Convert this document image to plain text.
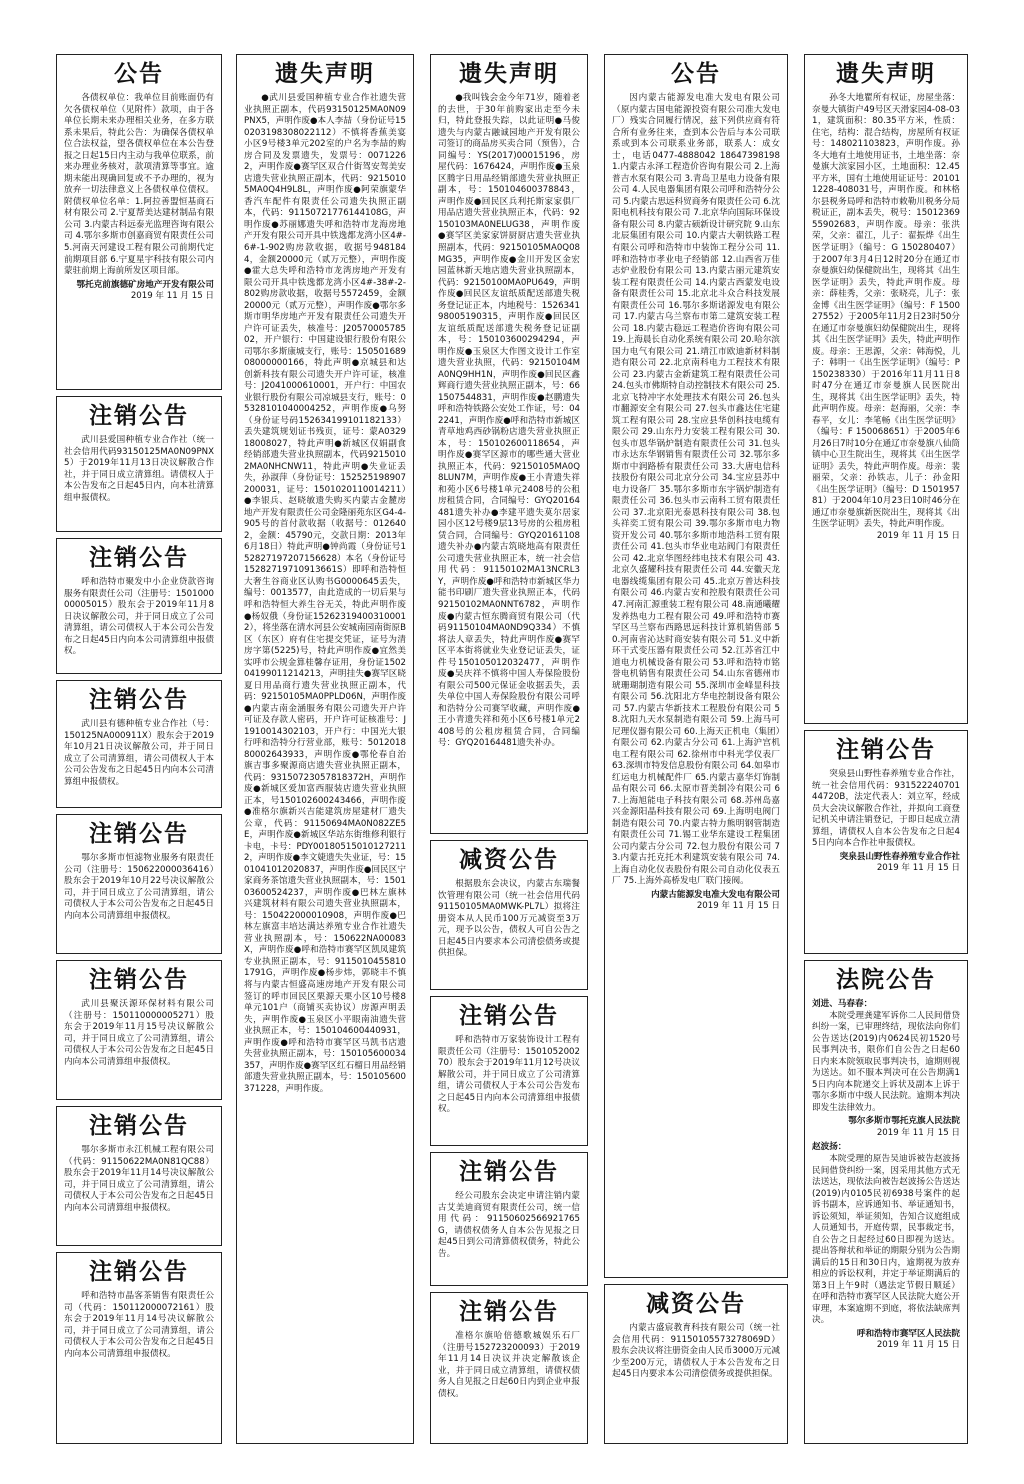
公告

各债权单位：我单位目前账面仍有欠各债权单位（见附件）款项，由于各单位长期未来办理相关业务，在多方联系未果后，特此公告：为确保各债权单位合法权益，望各债权单位在本公告登报之日起15日内主动与我单位联系，前来办理业务核对，款项清算等事宜。逾期未能出现确回复或不予办理的，视为放弃一切法律意义上各债权单位债权。附债权单位名单：1.阿拉善盟恒基商石材有限公司 2.宁夏帮美达建材制品有限公司 3.内蒙古科远泰光监理咨询有限公司 4.鄂尔多斯市创嘉商贸有限责任公司 5.河南天河建设工程有限公司前期代定前期项目部 6.宁夏星宇科技有限公司内蒙驻前期上海前所发区项目部。

鄂托克前旗德矿房地产开发有限公司

2019 年 11 月 15 日

注销公告

武川县爱国种植专业合作社（统一社会信用代码93150125MA0N09PNX5）于2019年11月13日决议解散合作社，并于同日成立清算组。请债权人于本公告发布之日起45日内，向本社清算组申报债权。

注销公告

呼和浩特市聚发中小企业贷款咨询服务有限责任公司（注册号：150100000005015）股东会于2019年11月8日决议解散公司，并于同日成立了公司清算组，请公司债权人于本公司公告发布之日起45日内向本公司清算组申报债权。

注销公告

武川县有德种植专业合作社（号：150125NA000911X）股东会于2019年10月21日决议解散公司，并于同日成立了公司清算组，请公司债权人于本公司公告发布之日起45日内向本公司清算组申报债权。

注销公告

鄂尔多斯市恒滤物业服务有限责任公司（注册号：150622000036416）股东会于2019年10月22号决议解散公司，并于同日成立了公司清算组，请公司债权人于本公司公告发布之日起45日内向本公司清算组申报债权。

注销公告

武川县聚沃源环保材料有限公司（注册号：150110000005271）股东会于2019年11月15号决议解散公司，并于同日成立了公司清算组，请公司债权人于本公司公告发布之日起45日内向本公司清算组申报债权。

注销公告

鄂尔多斯市永江机械工程有限公司（代码：91150622MA0N81QC88）股东会于2019年11月14号决议解散公司，并于同日成立了公司清算组，请公司债权人于本公司公告发布之日起45日内向本公司清算组申报债权。

注销公告

呼和浩特市晶客茶销售有限责任公司（代码：150112000072161）股东会于2019年11月14号决议解散公司，并于同日成立了公司清算组，请公司债权人于本公司公告发布之日起45日内向本公司清算组申报债权。

遗失声明

●武川县爱国种植专业合作社遗失营业执照正副本，代码93150125MA0N09PNX5，声明作废●本人李喆（身份证号150203198308022112）不慎将香蕉美宴小区9号楼3单元202室的户名为李喆的购房合同及发票遗失，发票号：00712262，声明作废●赛罕区双合什街驾安驾美安店遗失营业执照正副本，代码：92150105MA0Q4H9L8L，声明作废●阿荣旗蒙华香汽车配件有限责任公司遗失执照正副本，代码：91150721776144108G，声明作废●苏丽娜遗失呼和浩特市龙海房地产开发有限公司开具中铁逸都龙湾小区4#-6#-1-902购房款收据，收据号9481844，金额20000元（贰万元整），声明作废●霍大总失呼和浩特市龙湾房地产开发有限公司开具中铁逸都龙湾小区4#-38#-2-802购房款收据，收据号5572459，金额20000元（贰万元整），声明作废●鄂尔多斯市明华房地产开发有限责任公司遗失开户许可证丢失，核准号：J2057000578502，开户银行：中国建设银行股份有限公司鄂尔多斯康城支行，账号：15050168908000000166，特此声明●京城县和达创新科技有限公司遗失开户许可证，核准号：J2041000610001，开户行：中国农业银行股份有限公司凉城县支行，账号：05328101040004252，声明作废●乌努（身份证号码152634199101182133）丢失建筑规划证书残页，证号：蒙A032918008027，特此声明●新城区仅娟副食经销部遗失营业执照副本，代码92150102MA0NHCNW11，特此声明●失业证丢失，孙淑萍（身份证号：152525198907200031，证号：1501020110014211）●李银兵、赵晓敏遗失购买内蒙古金麓房地产开发有限责任公司金隆丽苑东区G4-4-905号的首付款收据（收据号：0126402，金额：45790元，交款日期：2013年6月18日）特此声明●钟尚霞（身份证号152827197207156628）本名（身份证号15282719710913661S）即呼和浩特恒大奢生谷商业区认购书G0000645丢失，编号：0013577，由此造成的一切后果与呼和浩特恒大养生谷无关，特此声明作废●杨奴俄（身份证152623194003100012），将坐落在清水河县公安城南园南街原B区（东区）府有住宅提交凭证，证号为清房字第(5225)号，特此声明作废●宜然美实呼市公规金算桂馨存证用，身份证150204199011214213，声明挂失●赛罕区晓夏日用品商行遗失营业执照正副本，代码：92150105MA0PPLD06N，声明作废●内蒙古南金涵服务有限公司遗失开户许可证及存款人密码，开户许可证核准号：J1910014302103，开户行：中国光大银行呼和浩特分行营业部，账号：501201880002643933，声明作废●鄂伦春自治旗吉事多聚源商店遗失营业执照正副本，代码：93150723057818372H，声明作废●新城区爱加富西服装店遗失营业执照正本，号150102600243466，声明作废●准格尔旗新兴吉能建筑房屋建材厂遗失公章，代码：91150694MA0N082ZE5E，声明作废●新城区华站东街维修利银行卡电，卡号：PDY001805150101272112，声明作废●李文婕遗失失业证，号：1501041012020837，声明作废●回民区宁家商务茶馆遗失营业执照副本，号：150103600524237，声明作废●巴林左旗林兴建筑材料有限公司遗失营业执照副本，号：150422000010908，声明作废●巴林左旗富丰培达满达养殖专业合作社遗失营业执照副本，号：150622NA00083X，声明作废●呼和浩特市赛罕区凯凤建筑专业执照正副本，号：91150104558101791G，声明作废●杨步炜，郭晓丰不慎将与内蒙古恒盛高速房地产开发有限公司签订的呼市回民区栗源天栗小区10号楼8单元101户（商铺买卖协议）房源声明丢失，声明作废●玉泉区小平眼南油遗失营业执照正本，号：150104600440931，声明作废●呼和浩特市赛罕区马凯书店遗失营业执照正副本，号：150105600034357，声明作废●赛罕区红石榴日用品经销部遗失营业执照正副本，号：150105600371228，声明作废。

遗失声明

●我叫钱会金今年71岁，随着老的去世，于30年前购家出走至今未归，特此登报失踪，以此证明●马俊遗失与内蒙古融诚园地产开发有限公司签订的商品房买卖合同（预售），合同编号：YS(2017)00015196，房屋代码：1676424，声明作废●玉泉区腾宇日用品经销部遗失营业执照正副本，号：150104600378843，声明作废●回民区兵利托斯家家俱厂用品店遗失营业执照正本，代码：92150103MA0NELUG38，声明作废●赛罕区美家家饼厨厨店遗失营业执照副本，代码：92150105MA0Q08MG35，声明作废●金川开发区金宏园蓝林新天地店遗失营业执照副本，代码：92150100MA0PU649，声明作废●回民区友谊纸质配送部遗失税务登记证正本，内地税号：152634198005190315，声明作废●回民区友谊纸质配送部遗失税务登记证副本，号：150103600294294，声明作废●玉泉区大作图文设计工作室遗失营业执照，代码：92150104MA0NQ9HH1N，声明作废●回民区鑫辉商行遗失营业执照正副本，号：661507544831，声明作废●赵鹏遗失呼和浩特铁路公安处工作证，号：042241，声明作废●呼和浩特市新城区青草地鸡西砂锅粉店遗失营业执照正本，号：150102600118654，声明作废●赛罕区源市的哪些通大营业执照正本，代码：92150105MA0Q8LUN7M，声明作废●王小青遗失祥和苑小区6号楼1单元2408号的公租房租赁合同，合同编号：GYQ20164481遗失补办●李建平遗失莫尔居家园小区12号楼9层13号房的公租房租赁合同，合同编号：GYQ20161108遗失补办●内蒙古筑晓地高有限责任公司遗失营业执照正本，统一社会信用代码：91150102MA13NCRL3Y，声明作废●呼和浩特市新城区华力能书印刷厂遗失营业执照正本，代码92150102MA0NNT6782，声明作废●内蒙古恒东腾商贸有限公司（代码91150104MA0ND9Q334）不慎将法人章丢失，特此声明作废●赛罕区平本街将就业失业登记证丢失，证件号150105012032477，声明作废●吴庆祥不慎将中国人寿保险股份有限公司500元保证金收据丢失，丢失单位中国人寿保险股份有限公司呼和浩特分公司赛罕收藏，声明作废●王小青遗失祥和苑小区6号楼1单元2408号的公租房租赁合同，合同编号：GYQ20164481遗失补办。

减资公告

根据股东会决议，内蒙古东瑞餐饮管理有限公司（统一社会信用代码91150105MA0MWK-PL7L）拟将注册资本从人民币100万元减资至3万元，现予以公告，债权人可自公告之日起45日内要求本公司清偿债务或提供担保。

注销公告

呼和浩特市万家装饰设计工程有限责任公司（注册号：150105200270）股东会于2019年11月12号决议解散公司，并于同日成立了公司清算组，请公司债权人于本公司公告发布之日起45日内向本公司清算组申报债权。

注销公告

经公司股东会决定申请注销内蒙古艾美迪商贸有限责任公司，统一信用代码：91150602566921765G，请债权债务人自本公告见报之日起45日到公司清算债权债务，特此公告。

注销公告

准格尔旗哈倍德歌城娱乐石厂（注册号152723200093）于2019年11月14日决议并决定解散该企业，并于同日成立清算组，请债权债务人自见报之日起60日内到企业申报债权。

公告

因内蒙古能源发电准大发电有限公司（原内蒙古国电能源投资有限公司准大发电厂）残实合同履行情况，兹下列供应商有符合所有业务往来，查到本公告后与本公司联系或到本公司联系业务部，联系人：成女士，电话0477-4888042 18647398198 1.内蒙古永泽工程造价咨询有限公司 2.上海普吉水泵有限公司 3.青岛卫星电力设备有限公司 4.人民电器集团有限公司呼和浩特分公司 5.内蒙古思远科贸商务有限责任公司 6.沈阳电机科技有限公司 7.北京华向国际环保设备有限公司 8.内蒙古硕新设计研究院 9.山东北辰集团有限公司 10.内蒙古大朝铁路工程有限公司呼和浩特市中装饰工程分公司 11.呼和浩特市孝业电子经销部 12.山西省万佳志炉业股份有限公司 13.内蒙古丽元建筑安装工程有限责任公司 14.内蒙古西蒙发电设备有限责任公司 15.北京北斗众合科技发展有限责任公司 16.鄂尔多斯诺源发电有限公司 17.内蒙古乌兰察布市第二建筑安装工程公司 18.内蒙古稳远工程造价咨询有限公司 19.上海晨长自动化系统有限公司 20.哈尔滨国力电气有限公司 21.靖江市欧迪新材料制造有限公司 22.北京南科电力工程技术有限公司 23.内蒙古金新建筑工程有限责任公司 24.包头市佛斯特自动控制技术有限公司 25.北京飞特冲字水处理技术有限公司 26.包头市翻源安全有限公司 27.包头市鑫达住宅建筑工程有限公司 28.宝应县华创科技电缆有限公司 29.山东丹力安装工程有限公司 30.包头市恩华锅炉制造有限责任公司 31.包头市永达东华钢销售有限责任公司 32.鄂尔多斯市中润路桥有限责任公司 33.大唐电信科技股份有限公司北京分公司 34.宝应县苏中电力设备厂 35.鄂尔多斯市东宇锅炉制造有限责任公司 36.包头市云南科工贸有限责任公司 37.北京阳光泰恩科技有限公司 38.包头祥奕工贸有限公司 39.鄂尔多斯市电力物资开发公司 40.鄂尔多斯市地浩科工贸有限责任公司 41.包头市华业电站阀门有限责任公司 42.北京华图经纬电技术有限公司 43.北京久盛耀科技有限责任公司 44.安徽天龙电器线缆集团有限公司 45.北京万普达科技有限公司 46.内蒙古安和控股有限责任公司 47.河南汇源重装工程有限公司 48.南通曦耀发养热电力工程有限公司 49.呼和浩特市赛罕区马兰察布西路思远科技计算机销售部 50.河南省沁达时商安装有限公司 51.义中新环干式变压器有限责任公司 52.江苏省江中道电力机械设备有限公司 53.呼和浩特市铭誉电机销售有限责任公司 54.山东省德州市琥珊瑚制造有限公司 55.深圳市金峰显科技有限公司 56.沈阳北方华电控制设备有限公司 57.内蒙古华新技术工程股份有限公司 58.沈阳九天水泵制造有限公司 59.上海马可尼理仪器有限公司 60.上海天正机电（集团）有限公司 62.内蒙古分公司 61.上海沪宫机电工程有限公司 62.徐州市中科光学仪表厂 63.深圳市特发信息股份有限公司 64.如皋市红运电力机械配件厂 65.内蒙古嘉华灯饰制品有限公司 66.太原市晋美制冷有限公司 67.上海旭能电子科技有限公司 68.苏州岛嘉兴金源阳晶科技有限公司 69.上海明电阀门制造有限公司 70.内蒙古特力熊明钢管制造有限责任公司 71.锡工业华东建设工程集团公司内蒙古分公司 72.包力股份有限公司 73.内蒙古托克托木利建筑安装有限公司 74.上海自动化仪表股份有限公司自动化仪表五厂 75.上海外高桥发电厂联门接阀。

内蒙古能源发电准大发电有限公司

2019 年 11 月 15 日

减资公告

内蒙古盛宸教育科技有限公司（统一社会信用代码：91150105573278069D）股东会决议将注册资金由人民币3000万元减少至200万元，请债权人于本公告发布之日起45日内要求本公司清偿债务或提供担保。

遗失声明

孙冬大地瞿所有权证，房屋坐落：奈曼大镇街户49号区天滑家园4-08-031，建筑面积：80.35平方米，性质：住宅，结构：混合结构，房屋所有权证号：148021103823，声明作废。孙冬大地有土地使用证书，土地坐落：奈曼旗大滨家园小区，土地面积：12.45平方米，国有土地使用证证号：201011228-408031号，声明作废。和林格尔县税务局呼和浩特市敕勒川税务分局税证正，副本丢失，税号：1501236955902683，声明作废。母亲：张洪荣，父亲：翟江，儿子：翟振烨《出生医学证明》（编号：G 150280407）于2007年3月4日12时20分在通辽市奈曼旗妇幼保健院出生，现将其《出生医学证明》丢失，特此声明作废。母亲：薛桂秀，父亲：张晓亮，儿子：张金博《出生医学证明》（编号：F 150027552）于2005年11月2日23时50分在通辽市奈曼旗妇幼保健院出生，现将其《出生医学证明》丢失，特此声明作废。母亲：王思源，父亲：韩海悦，儿子：韩明一《出生医学证明》（编号：P 150238330）于2016年11月11日8时47分在通辽市奈曼旗人民医院出生，现将其《出生医学证明》丢失，特此声明作废。母亲：赵海丽，父亲：李春平，女儿：李笔畅《出生医学证明》（编号：F 150068651）于2005年6月26日7时10分在通辽市奈曼旗八仙筒镇中心卫生院出生，现将其《出生医学证明》丢失，特此声明作废。母亲：裴丽荣，父亲：孙铁志，儿子：孙金阳《出生医学证明》（编号：D 150195781）于2004年10月23日10时46分在通辽市奈曼旗新医院出生，现将其《出生医学证明》丢失，特此声明作废。

2019 年 11 月 15 日

注销公告

突泉县山野性春养殖专业合作社，统一社会信用代码：93152224070144720B，法定代表人：刘立军，经成员大会决议解散合作社，并拟向工商登记机关申请注销登记，于即日起成立清算组，请债权人自本公告发布之日起45日内向本合作社申报债权。

突泉县山野性春养殖专业合作社

2019 年 11 月 15 日

法院公告

刘进、马春春：

本院受理龚建军诉你二人民间借贷纠纷一案，已审理终结，现依法向你们公告送达(2019)内0624民初1520号民事判决书，限你们自公告之日起60日内来本院领取民事判决书，逾期则视为送达。如不服本判决可在公告期满15日内向本院递交上诉状及副本上诉于鄂尔多斯市中级人民法院。逾期本判决即发生法律效力。

鄂尔多斯市鄂托克旗人民法院

2019 年 11 月 15 日

赵波扬：

本院受理的原告吴迪诉被告赵波扬民间借贷纠纷一案，因采用其他方式无法送达，现依法向被告赵波扬公告送达(2019)内0105民初6938号案件的起诉书副本，应诉通知书、举证通知书，诉讼须知，举证须知，告知合议庭组成人员通知书，开庭传票，民事裁定书，自公告之日起经过60日即视为送达。提出答辩状和举证的期限分别为公告期满后的15日和30日内，逾期视为放弃相应的诉讼权利，并定于举证期满后的第3日上午9时（遇法定节假日顺延）在呼和浩特市赛罕区人民法院大庭公开审理，本案逾期不到庭，将依法缺席判决。

呼和浩特市赛罕区人民法院

2019 年 11 月 15 日
